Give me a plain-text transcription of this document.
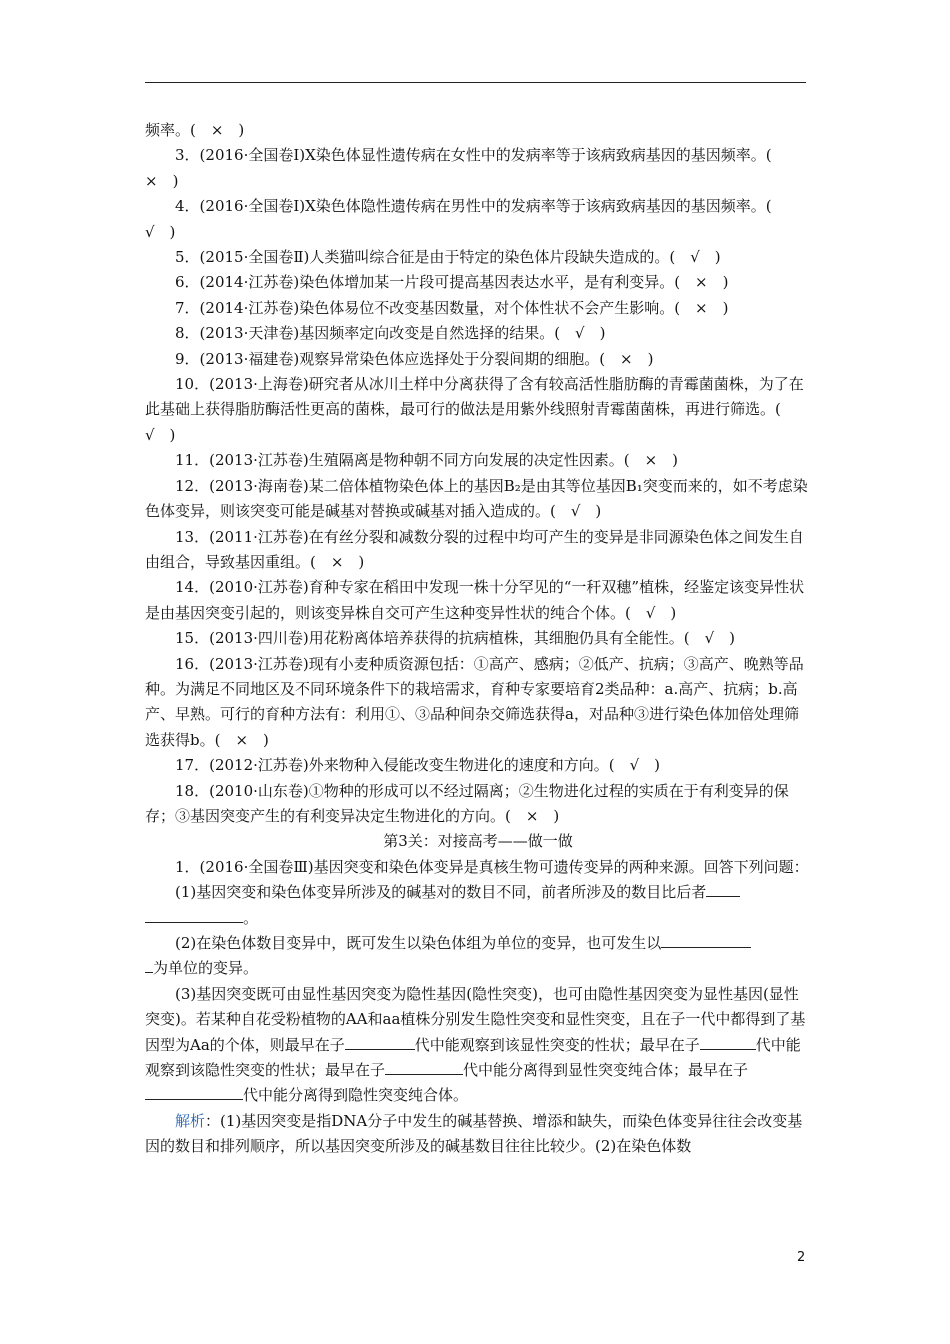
频率。(　×　)

3．(2016·全国卷Ⅰ)X染色体显性遗传病在女性中的发病率等于该病致病基因的基因频率。(　×　)

4．(2016·全国卷Ⅰ)X染色体隐性遗传病在男性中的发病率等于该病致病基因的基因频率。(　√　)

5．(2015·全国卷Ⅱ)人类猫叫综合征是由于特定的染色体片段缺失造成的。(　√　)

6．(2014·江苏卷)染色体增加某一片段可提高基因表达水平，是有利变异。(　×　)

7．(2014·江苏卷)染色体易位不改变基因数量，对个体性状不会产生影响。(　×　)

8．(2013·天津卷)基因频率定向改变是自然选择的结果。(　√　)

9．(2013·福建卷)观察异常染色体应选择处于分裂间期的细胞。(　×　)

10．(2013·上海卷)研究者从冰川土样中分离获得了含有较高活性脂肪酶的青霉菌菌株，为了在此基础上获得脂肪酶活性更高的菌株，最可行的做法是用紫外线照射青霉菌菌株，再进行筛选。(　√　)

11．(2013·江苏卷)生殖隔离是物种朝不同方向发展的决定性因素。(　×　)

12．(2013·海南卷)某二倍体植物染色体上的基因B₂是由其等位基因B₁突变而来的，如不考虑染色体变异，则该突变可能是碱基对替换或碱基对插入造成的。(　√　)

13．(2011·江苏卷)在有丝分裂和减数分裂的过程中均可产生的变异是非同源染色体之间发生自由组合，导致基因重组。(　×　)

14．(2010·江苏卷)育种专家在稻田中发现一株十分罕见的“一秆双穗”植株，经鉴定该变异性状是由基因突变引起的，则该变异株自交可产生这种变异性状的纯合个体。(　√　)

15．(2013·四川卷)用花粉离体培养获得的抗病植株，其细胞仍具有全能性。(　√　)

16．(2013·江苏卷)现有小麦种质资源包括：①高产、感病；②低产、抗病；③高产、晚熟等品种。为满足不同地区及不同环境条件下的栽培需求，育种专家要培育2类品种：a.高产、抗病；b.高产、早熟。可行的育种方法有：利用①、③品种间杂交筛选获得a，对品种③进行染色体加倍处理筛选获得b。(　×　)

17．(2012·江苏卷)外来物种入侵能改变生物进化的速度和方向。(　√　)

18．(2010·山东卷)①物种的形成可以不经过隔离；②生物进化过程的实质在于有利变异的保存；③基因突变产生的有利变异决定生物进化的方向。(　×　)

第3关：对接高考——做一做

1．(2016·全国卷Ⅲ)基因突变和染色体变异是真核生物可遗传变异的两种来源。回答下列问题：

(1)基因突变和染色体变异所涉及的碱基对的数目不同，前者所涉及的数目比后者
。

(2)在染色体数目变异中，既可发生以染色体组为单位的变异，也可发生以
为单位的变异。

(3)基因突变既可由显性基因突变为隐性基因(隐性突变)，也可由隐性基因突变为显性基因(显性突变)。若某种自花受粉植物的AA和aa植株分别发生隐性突变和显性突变，且在子一代中都得到了基因型为Aa的个体，则最早在子	代中能观察到该显性突变的性状；最早在子	代中能观察到该隐性突变的性状；最早在子	代中能分离得到显性突变纯合体；最早在子代中能分离得到隐性突变纯合体。

解析：(1)基因突变是指DNA分子中发生的碱基替换、增添和缺失，而染色体变异往往会改变基因的数目和排列顺序，所以基因突变所涉及的碱基数目往往比较少。(2)在染色体数

2
